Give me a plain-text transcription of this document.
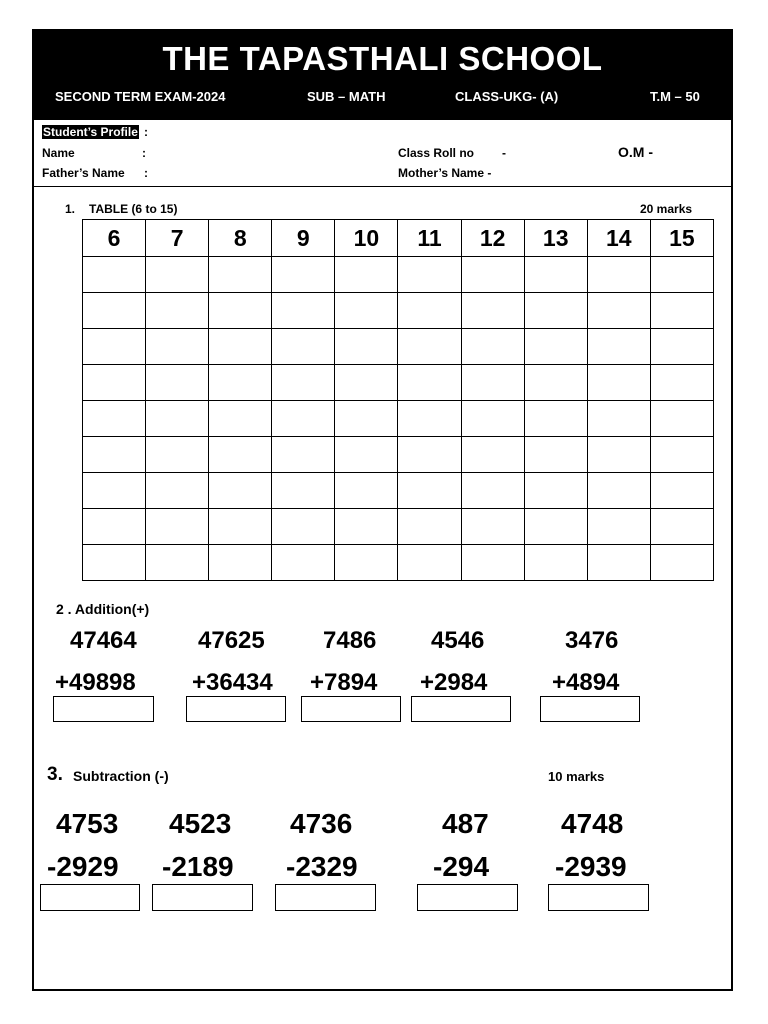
THE TAPASTHALI SCHOOL
SECOND TERM EXAM-2024	SUB – MATH	CLASS-UKG- (A)	T.M – 50
Student’s Profile :
Name	:
Father’s Name :
Class Roll no -
Mother’s Name -
O.M -
1. TABLE (6 to 15)	20 marks
6	7	8	9	10	11	12	13	14	15

2 . Addition(+)
47464	47625 7486 4546	3476
+49898 +36434 +7894 +2984	+4894
3. Subtraction (-)	10 marks
4753 4523 4736	487	4748
-2929 -2189 -2329	-294 -2939
